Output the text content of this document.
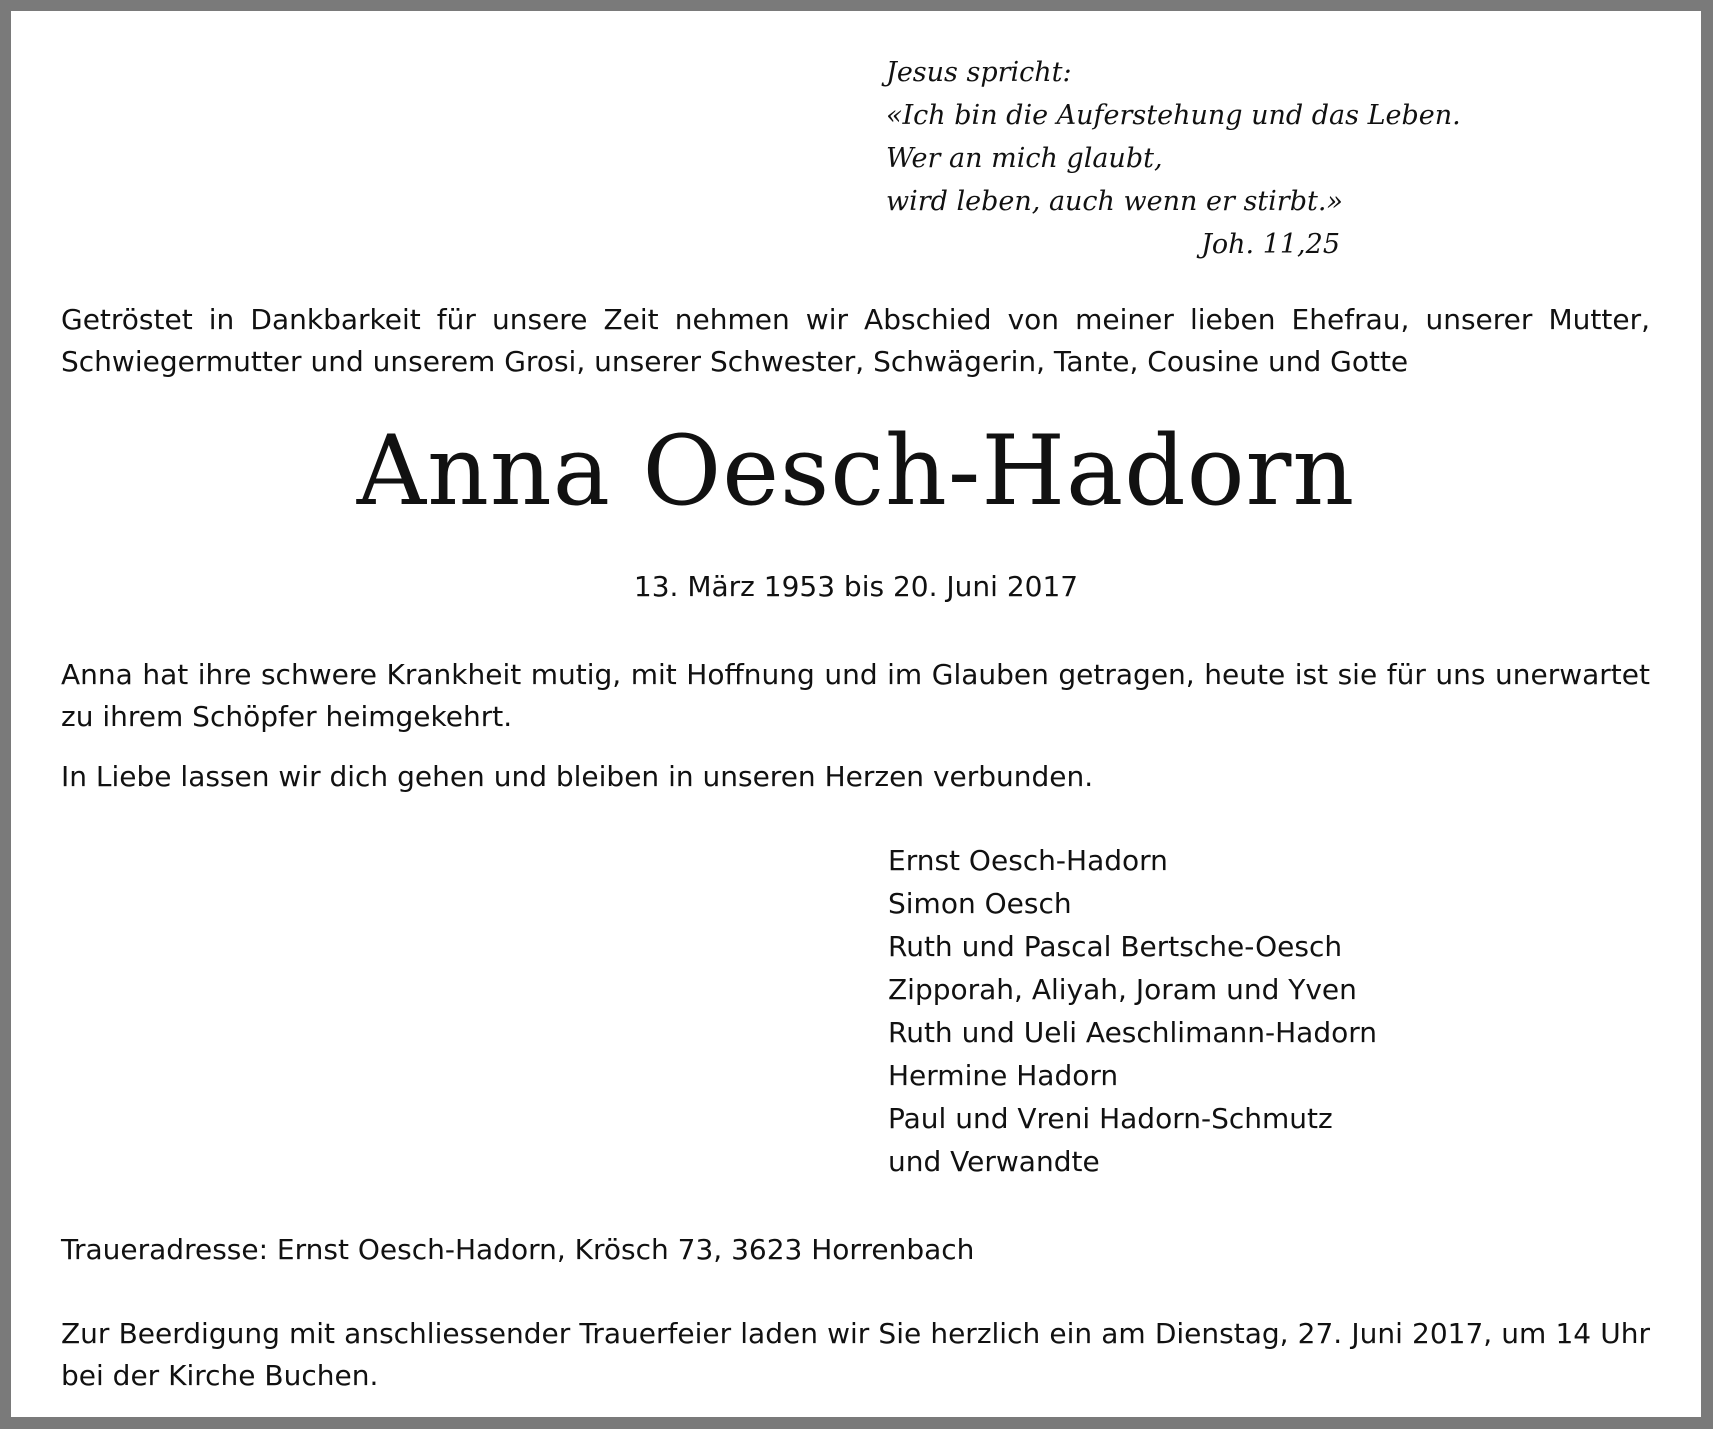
Jesus spricht:
«Ich bin die Auferstehung und das Leben.
Wer an mich glaubt,
wird leben, auch wenn er stirbt.»
Joh. 11,25
Getröstet in Dankbarkeit für unsere Zeit nehmen wir Abschied von meiner lieben Ehefrau, unserer Mutter, Schwiegermutter und unserem Grosi, unserer Schwester, Schwägerin, Tante, Cousine und Gotte
Anna Oesch-Hadorn
13. März 1953 bis 20. Juni 2017
Anna hat ihre schwere Krankheit mutig, mit Hoffnung und im Glauben getragen, heute ist sie für uns unerwartet zu ihrem Schöpfer heimgekehrt.
In Liebe lassen wir dich gehen und bleiben in unseren Herzen verbunden.
Ernst Oesch-Hadorn
Simon Oesch
Ruth und Pascal Bertsche-Oesch
Zipporah, Aliyah, Joram und Yven
Ruth und Ueli Aeschlimann-Hadorn
Hermine Hadorn
Paul und Vreni Hadorn-Schmutz
und Verwandte
Traueradresse: Ernst Oesch-Hadorn, Krösch 73, 3623 Horrenbach
Zur Beerdigung mit anschliessender Trauerfeier laden wir Sie herzlich ein am Dienstag, 27. Juni 2017, um 14 Uhr bei der Kirche Buchen.
